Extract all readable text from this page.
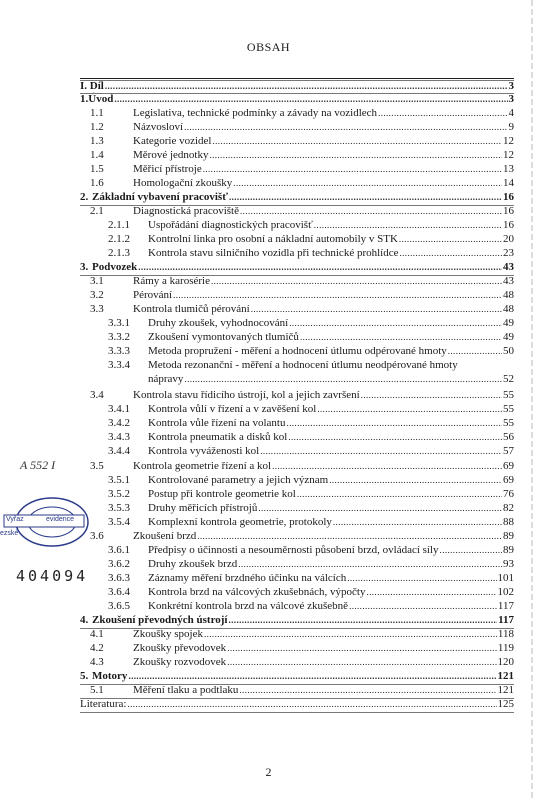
OBSAH
I. Díl .....	3
1.Úvod .....	3
1.1	Legislativa, technické podmínky a závady na vozidlech .....	4
1.2	Názvosloví .....	9
1.3	Kategorie vozidel .....	12
1.4	Měrové jednotky .....	12
1.5	Měřicí přístroje .....	13
1.6	Homologační zkoušky .....	14
2. Základní vybavení pracovišť .....	16
2.1	Diagnostická pracoviště .....	16
2.1.1	Uspořádání diagnostických pracovišť .....	16
2.1.2	Kontrolní linka pro osobní a nákladní automobily v STK .....	20
2.1.3	Kontrola stavu silničního vozidla při technické prohlídce .....	23
3. Podvozek .....	43
3.1	Rámy a karosérie .....	43
3.2	Pérování .....	48
3.3	Kontrola tlumičů pérování .....	48
3.3.1	Druhy zkoušek, vyhodnocování .....	49
3.3.2	Zkoušení vymontovaných tlumičů .....	49
3.3.3	Metoda propružení - měření a hodnocení útlumu odpérované hmoty .....	50
3.3.4	Metoda rezonanční - měření a hodnocení útlumu neodpérované hmoty
nápravy .....	52
3.4	Kontrola stavu řídicího ústrojí, kol a jejich završení .....	55
3.4.1	Kontrola vůlí v řízení a v zavěšení kol .....	55
3.4.2	Kontrola vůle řízení na volantu .....	55
3.4.3	Kontrola pneumatik a disků kol .....	56
3.4.4	Kontrola vyváženosti kol .....	57
3.5	Kontrola geometrie řízení a kol .....	69
3.5.1	Kontrolované parametry a jejich význam .....	69
3.5.2	Postup při kontrole geometrie kol .....	76
3.5.3	Druhy měřicích přístrojů .....	82
3.5.4	Komplexní kontrola geometrie, protokoly .....	88
3.6	Zkoušení brzd .....	89
3.6.1	Předpisy o účinnosti a nesouměrnosti působení brzd, ovládací síly .....	89
3.6.2	Druhy zkoušek brzd .....	93
3.6.3	Záznamy měření brzdného účinku na válcích .....	101
3.6.4	Kontrola brzd na válcových zkušebnách, výpočty .....	102
3.6.5	Konkrétní kontrola brzd na válcové zkušebně .....	117
4. Zkoušení převodných ústrojí .....	117
4.1	Zkoušky spojek .....	118
4.2	Zkoušky převodovek .....	119
4.3	Zkoušky rozvodovek .....	120
5. Motory .....	121
5.1	Měření tlaku a podtlaku .....	121
Literatura: .....	125
2
A 552 I
Vyřaz	evidence
ezské
404094
